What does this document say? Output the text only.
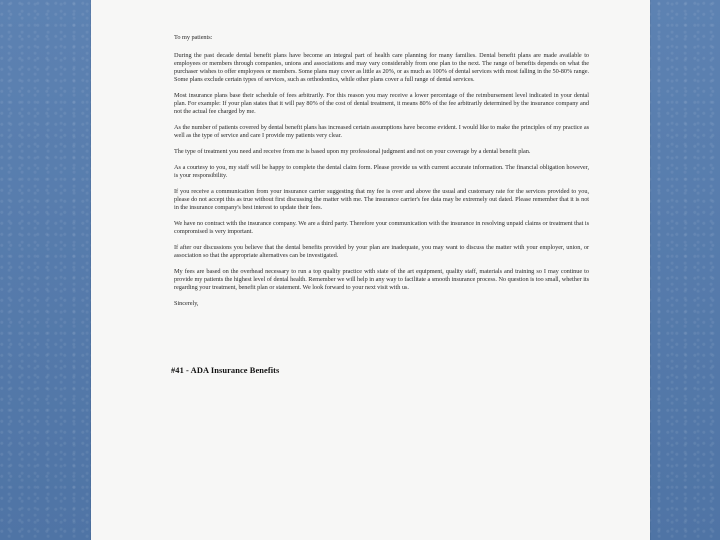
To my patients:

During the past decade dental benefit plans have become an integral part of health care planning for many families. Dental benefit plans are made available to employees or members through companies, unions and associations and may vary considerably from one plan to the next. The range of benefits depends on what the purchaser wishes to offer employees or members. Some plans may cover as little as 20%, or as much as 100% of dental services with most falling in the 50-80% range. Some plans exclude certain types of services, such as orthodontics, while other plans cover a full range of dental services.

Most insurance plans base their schedule of fees arbitrarily. For this reason you may receive a lower percentage of the reimbursement level indicated in your dental plan. For example: If your plan states that it will pay 80% of the cost of dental treatment, it means 80% of the fee arbitrarily determined by the insurance company and not the actual fee charged by me.

As the number of patients covered by dental benefit plans has increased certain assumptions have become evident. I would like to make the principles of my practice as well as the type of service and care I provide my patients very clear.

The type of treatment you need and receive from me is based upon my professional judgment and not on your coverage by a dental benefit plan.

As a courtesy to you, my staff will be happy to complete the dental claim form. Please provide us with current accurate information. The financial obligation however, is your responsibility.

If you receive a communication from your insurance carrier suggesting that my fee is over and above the usual and customary rate for the services provided to you, please do not accept this as true without first discussing the matter with me. The insurance carrier's fee data may be extremely out dated. Please remember that it is not in the insurance company's best interest to update their fees.

We have no contract with the insurance company. We are a third party. Therefore your communication with the insurance in resolving unpaid claims or treatment that is compromised is very important.

If after our discussions you believe that the dental benefits provided by your plan are inadequate, you may want to discuss the matter with your employer, union, or association so that the appropriate alternatives can be investigated.

My fees are based on the overhead necessary to run a top quality practice with state of the art equipment, quality staff, materials and training so I may continue to provide my patients the highest level of dental health. Remember we will help in any way to facilitate a smooth insurance process. No question is too small, whether its regarding your treatment, benefit plan or statement. We look forward to your next visit with us.

Sincerely,

#41 - ADA Insurance Benefits
